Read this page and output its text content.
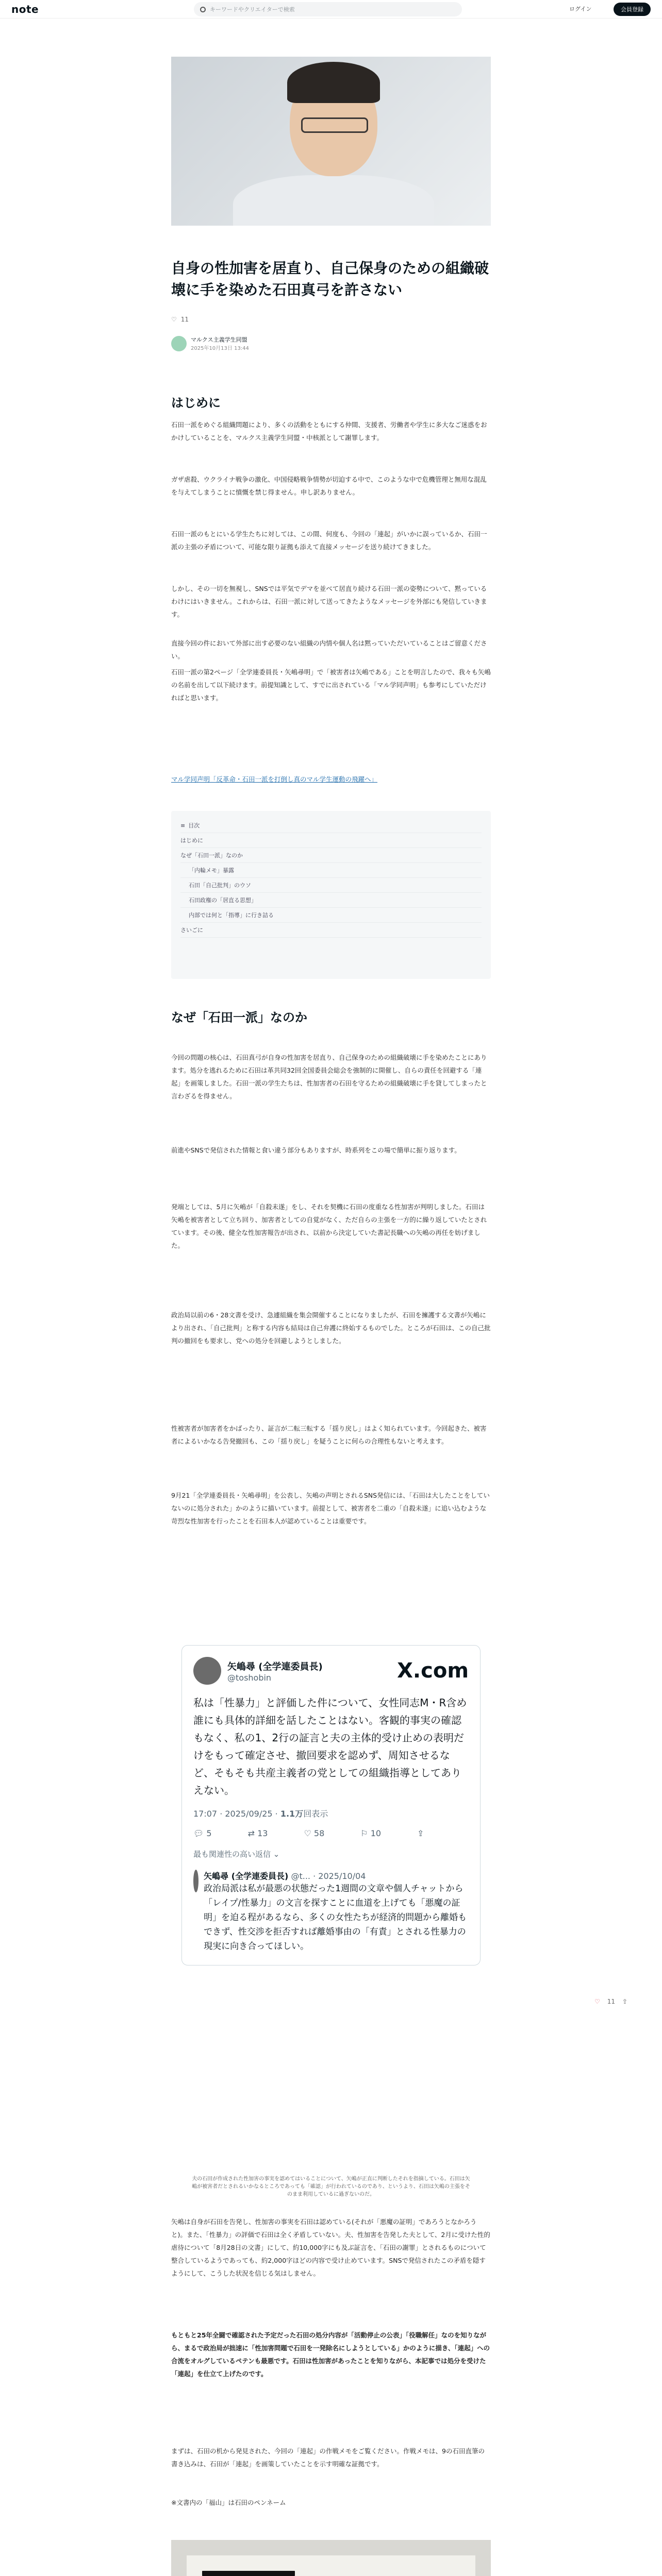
note	キーワードやクリエイターで検索	ログイン	会員登録
自身の性加害を居直り、自己保身のための組織破壊に手を染めた石田真弓を許さない
♡ 11
マルクス主義学生同盟
2025年10月13日 13:44
はじめに

石田一派をめぐる組織問題により、多くの活動をともにする仲間、支援者、労働者や学生に多大なご迷惑をおかけしていることを、マルクス主義学生同盟・中核派として謝罪します。

ガザ虐殺、ウクライナ戦争の激化、中国侵略戦争情勢が切迫する中で、このような中で危機管理と無用な混乱を与えてしまうことに憤慨を禁じ得ません。申し訳ありません。

石田一派のもとにいる学生たちに対しては、この間、何度も、今回の「連起」がいかに誤っているか、石田一派の主張の矛盾について、可能な限り証拠も添えて直接メッセージを送り続けてきました。

しかし、その一切を無視し、SNSでは平気でデマを並べて居直り続ける石田一派の姿勢について、黙っているわけにはいきません。これからは、石田一派に対して送ってきたようなメッセージを外部にも発信していきます。

直接今回の件において外部に出す必要のない組織の内情や個人名は黙っていただいていることはご留意ください。

石田一派の第2ページ「全学連委員長・矢嶋尋明」で「被害者は矢嶋である」ことを明言したので、我々も矢嶋の名前を出して以下続けます。前提知識として、すでに出されている「マル学同声明」も参考にしていただければと思います。

マル学同声明「反革命・石田一派を打倒し真のマル学生運動の飛躍へ」

≡ 目次
はじめに
なぜ「石田一派」なのか
「内輪メモ」暴露
石田「自己批判」のウソ
石田政権の「居直る思想」
内部では何と「指導」に行き詰る
さいごに
なぜ「石田一派」なのか

今回の問題の核心は、石田真弓が自身の性加害を居直り、自己保身のための組織破壊に手を染めたことにあります。処分を逃れるために石田は革共同32回全国委員会総会を強制的に開催し、自らの責任を回避する「連起」を画策しました。石田一派の学生たちは、性加害者の石田を守るための組織破壊に手を貸してしまったと言わざるを得ません。

前進やSNSで発信された情報と食い違う部分もありますが、時系列をこの場で簡単に振り返ります。

発端としては、5月に矢嶋が「自殺未遂」をし、それを契機に石田の度重なる性加害が判明しました。石田は矢嶋を被害者として立ち回り、加害者としての自覚がなく、ただ自らの主張を一方的に繰り返していたとされています。その後、健全な性加害報告が出され、以前から決定していた書記長職への矢嶋の再任を妨げました。

政治局以前の6・28文書を受け、急遽組織を集会開催することになりましたが、石田を擁護する文書が矢嶋により出され、「自己批判」と称する内容も結局は自己弁護に終始するものでした。ところが石田は、この自己批判の撤回をも要求し、党への処分を回避しようとしました。

性被害者が加害者をかばったり、証言が二転三転する「揺り戻し」はよく知られています。今回起きた、被害者によるいかなる告発撤回も、この「揺り戻し」を疑うことに何らの合理性もないと考えます。

9月21「全学連委員長・矢嶋尋明」を公表し、矢嶋の声明とされるSNS発信には、「石田は大したことをしていないのに処分された」かのように描いています。前提として、被害者を二重の「自殺未遂」に追い込むような苛烈な性加害を行ったことを石田本人が認めていることは重要です。

矢嶋尋 (全学連委員長)
@toshobin	X.com
私は「性暴力」と評価した件について、女性同志M・R含め誰にも具体的詳細を話したことはない。客観的事実の確認もなく、私の1、2行の証言と夫の主体的受け止めの表明だけをもって確定させ、撤回要求を認めず、周知させるなど、そもそも共産主義者の党としての組織指導としてありえない。
17:07 · 2025/09/25 · 1.1万回表示
💬︎ 5	⇄ 13	♡ 58	⚐ 10	⇪
最も関連性の高い返信 ⌄
矢嶋尋 (全学連委員長) @t... · 2025/10/04
政治局派は私が最悪の状態だった1週間の文章や個人チャットから「レイプ/性暴力」の文言を探すことに血道を上げても「悪魔の証明」を迫る程があるなら、多くの女性たちが経済的問題から離婚もできず、性交渉を拒否すれば離婚事由の「有責」とされる性暴力の現実に向き合ってほしい。
夫の石田が作成された性加害の事実を認めてはいることについて、矢嶋が正直に判断したそれを指摘している。石田は矢嶋が被害者だとされるいかなるところであっても「確認」が行われているのであり、というより、石田は矢嶋の主張をそのまま利用しているに過ぎないのだ。

矢嶋は自身が石田を告発し、性加害の事実を石田は認めている(それが「悪魔の証明」であろうとなかろうと)。また、「性暴力」の評価で石田は全く矛盾していない。夫、性加害を告発した夫として、2月に受けた性的虐待について「8月28日の文書」にして、約10,000字にも及ぶ証言を、「石田の謝罪」とされるものについて整合しているようであっても、約2,000字ほどの内容で受け止めています。SNSで発信されたこの矛盾を隠すようにして、こうした状況を信じる気はしません。

もともと25年全闘で確認された予定だった石田の処分内容が「活動停止の公表」「役職解任」なのを知りながら、まるで政治局が拙速に「性加害問題で石田を一発除名にしようとしている」かのように描き、「連起」への合流をオルグしているペテンも最悪です。石田は性加害があったことを知りながら、本記事では処分を受けた「連起」を仕立て上げたのです。

まずは、石田の机から発見された、今回の「連起」の作戦メモをご覧ください。作戦メモは、9の石田直筆の書き込みは、石田が「連起」を画策していたことを示す明確な証拠です。

※文書内の「福山」は石田のペンネーム

♡ 11 ⇪
